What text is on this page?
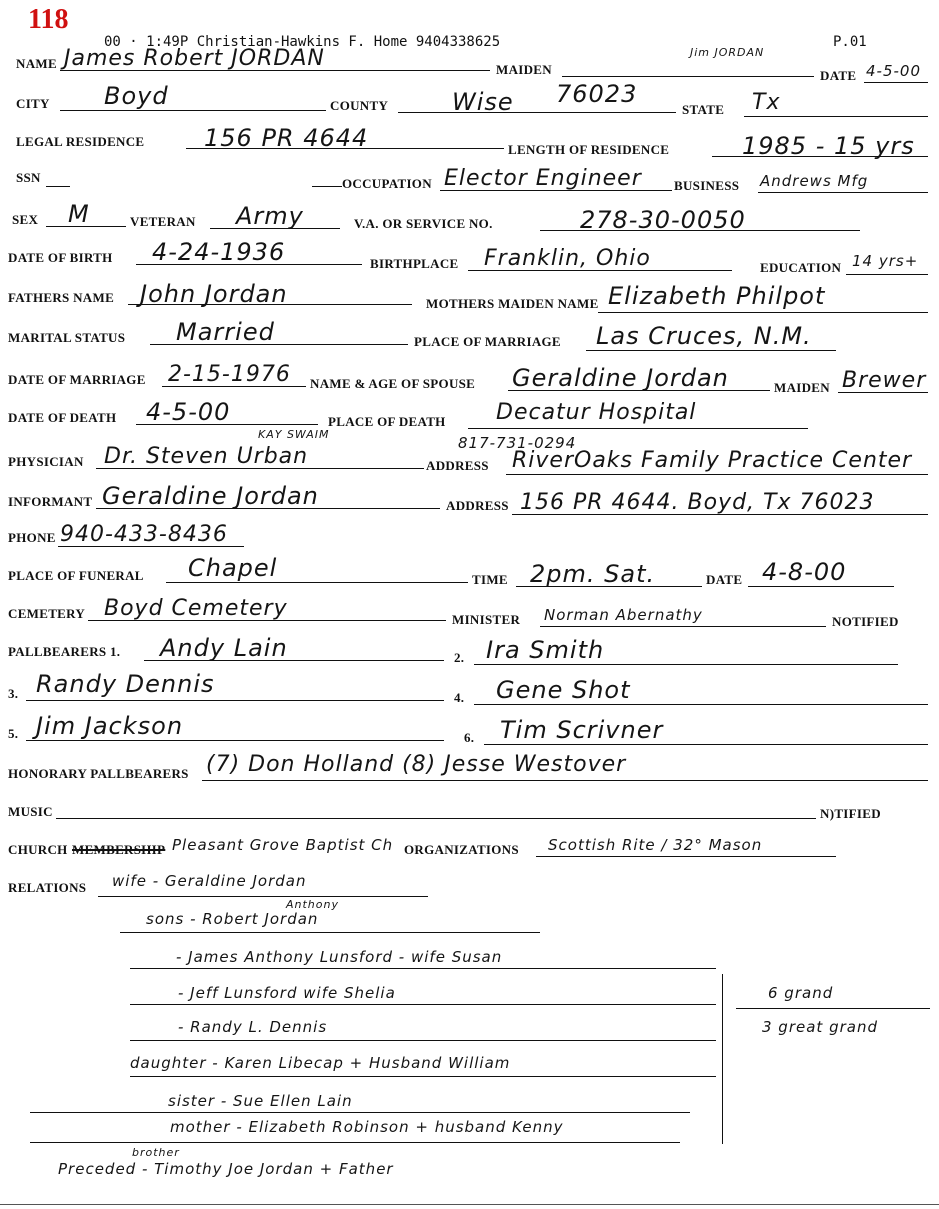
118
00 · 1:49P Christian-Hawkins F. Home 9404338625	P.01
Jim JORDAN
NAME James Robert JORDAN	MAIDEN	DATE 4-5-00
CITY Boyd	COUNTY	Wise 76023
STATE Tx
LEGAL RESIDENCE 156 PR 4644	LENGTH OF RESIDENCE	1985 - 15 yrs
SSN	OCCUPATION Elector Engineer BUSINESS Andrews Mfg
SEX M	VETERAN Army	V.A. OR SERVICE NO.	278-30-0050
DATE OF BIRTH 4-24-1936	BIRTHPLACE Franklin, Ohio	EDUCATION 14 yrs+
FATHERS NAME John Jordan	MOTHERS MAIDEN NAME Elizabeth Philpot
MARITAL STATUS Married	PLACE OF MARRIAGE Las Cruces, N.M.
DATE OF MARRIAGE 2-15-1976 NAME & AGE OF SPOUSE Geraldine Jordan	MAIDEN Brewer
DATE OF DEATH 4-5-00	PLACE OF DEATH Decatur Hospital
KAY SWAIM	817-731-0294
PHYSICIAN Dr. Steven Urban	ADDRESS RiverOaks Family Practice Center
INFORMANT Geraldine Jordan	ADDRESS 156 PR 4644. Boyd, Tx 76023
PHONE 940-433-8436
PLACE OF FUNERAL Chapel	TIME 2pm. Sat.	DATE 4-8-00
CEMETERY Boyd Cemetery	MINISTER Norman Abernathy	NOTIFIED
PALLBEARERS 1. Andy Lain	2. Ira Smith
3. Randy Dennis	4. Gene Shot
5. Jim Jackson	6. Tim Scrivner
HONORARY PALLBEARERS (7) Don Holland (8) Jesse Westover
MUSIC	N)TIFIED
CHURCH MEMBERSHIP Pleasant Grove Baptist Ch ORGANIZATIONS Scottish Rite / 32° Mason
RELATIONS wife - Geraldine Jordan
Anthony
sons - Robert Jordan
- James Anthony Lunsford - wife Susan
- Jeff Lunsford wife Shelia
- Randy L. Dennis
daughter - Karen Libecap + Husband William
sister - Sue Ellen Lain
mother - Elizabeth Robinson + husband Kenny
brother
Preceded - Timothy Joe Jordan + Father
6 grand
3 great grand
